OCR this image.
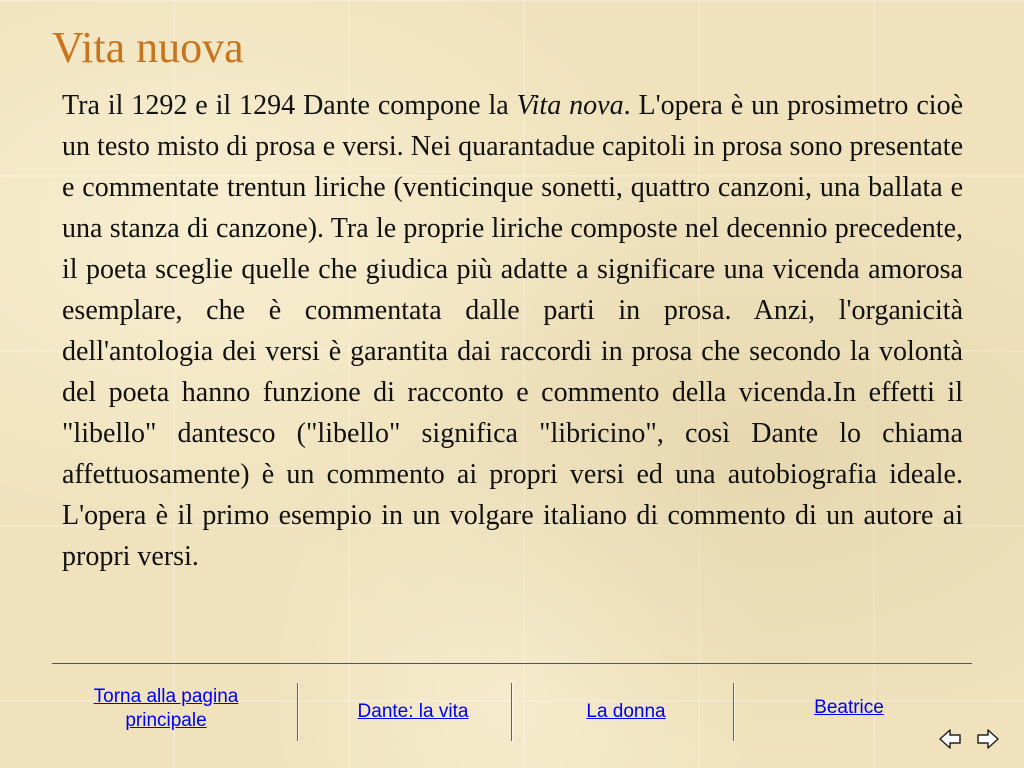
Vita nuova

Tra il 1292 e il 1294 Dante compone la Vita nova. L'opera è un prosimetro cioè un testo misto di prosa e versi. Nei quarantadue capitoli in prosa sono presentate e commentate trentun liriche (venticinque sonetti, quattro canzoni, una ballata e una stanza di canzone). Tra le proprie liriche composte nel decennio precedente, il poeta sceglie quelle che giudica più adatte a significare una vicenda amorosa esemplare, che è commentata dalle parti in prosa. Anzi, l'organicità dell'antologia dei versi è garantita dai raccordi in prosa che secondo la volontà del poeta hanno funzione di racconto e commento della vicenda.In effetti il "libello" dantesco ("libello" significa "libricino", così Dante lo chiama affettuosamente) è un commento ai propri versi ed una autobiografia ideale. L'opera è il primo esempio in un volgare italiano di commento di un autore ai propri versi.

Torna alla pagina
principale	Dante: la vita	La donna	Beatrice
